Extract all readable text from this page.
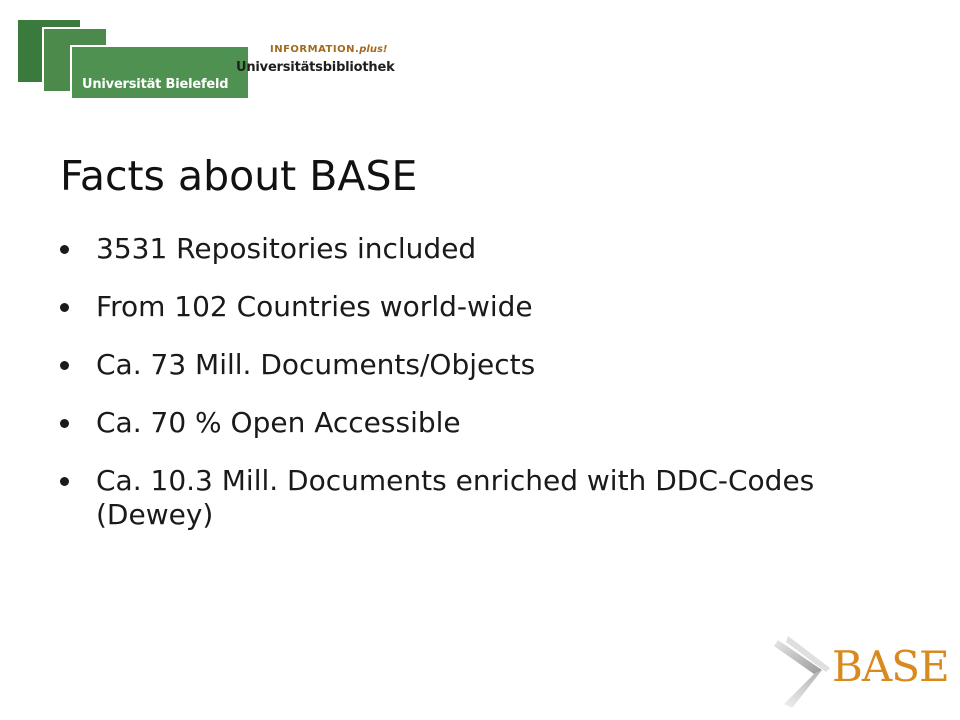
Universität Bielefeld
INFORMATION.plus!
Universitätsbibliothek
Facts about BASE
3531 Repositories included
From 102 Countries world-wide
Ca. 73 Mill. Documents/Objects
Ca. 70 % Open Accessible
Ca. 10.3 Mill. Documents enriched with DDC-Codes (Dewey)
BASE
